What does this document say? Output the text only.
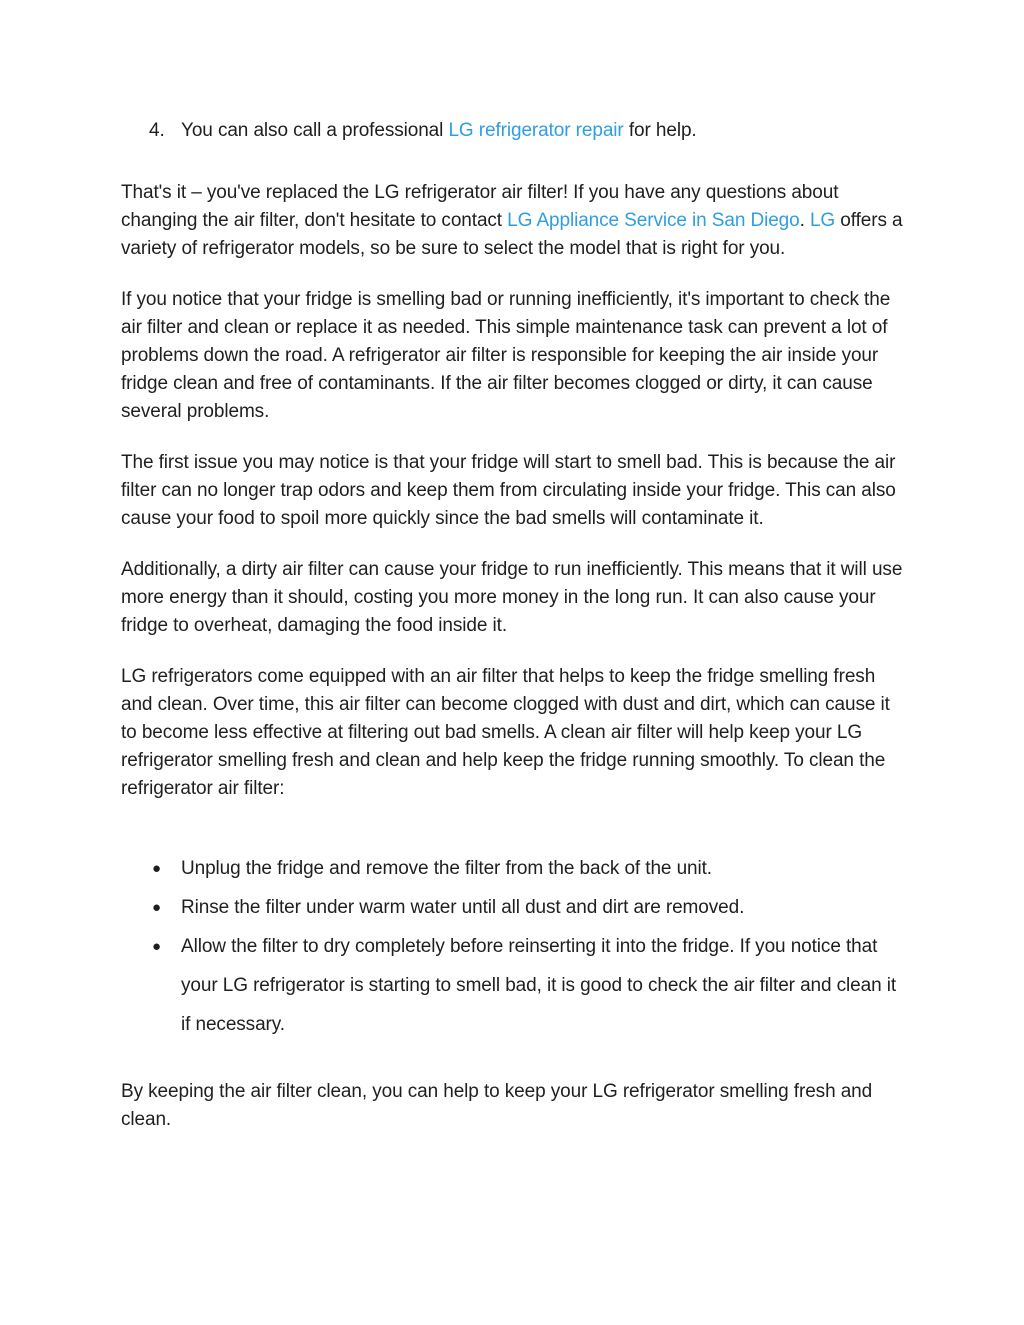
4. You can also call a professional LG refrigerator repair for help.

That's it – you've replaced the LG refrigerator air filter! If you have any questions about changing the air filter, don't hesitate to contact LG Appliance Service in San Diego. LG offers a variety of refrigerator models, so be sure to select the model that is right for you.

If you notice that your fridge is smelling bad or running inefficiently, it's important to check the air filter and clean or replace it as needed. This simple maintenance task can prevent a lot of problems down the road. A refrigerator air filter is responsible for keeping the air inside your fridge clean and free of contaminants. If the air filter becomes clogged or dirty, it can cause several problems.

The first issue you may notice is that your fridge will start to smell bad. This is because the air filter can no longer trap odors and keep them from circulating inside your fridge. This can also cause your food to spoil more quickly since the bad smells will contaminate it.

Additionally, a dirty air filter can cause your fridge to run inefficiently. This means that it will use more energy than it should, costing you more money in the long run. It can also cause your fridge to overheat, damaging the food inside it.

LG refrigerators come equipped with an air filter that helps to keep the fridge smelling fresh and clean. Over time, this air filter can become clogged with dust and dirt, which can cause it to become less effective at filtering out bad smells. A clean air filter will help keep your LG refrigerator smelling fresh and clean and help keep the fridge running smoothly. To clean the refrigerator air filter:

● Unplug the fridge and remove the filter from the back of the unit.
● Rinse the filter under warm water until all dust and dirt are removed.
● Allow the filter to dry completely before reinserting it into the fridge. If you notice that your LG refrigerator is starting to smell bad, it is good to check the air filter and clean it if necessary.

By keeping the air filter clean, you can help to keep your LG refrigerator smelling fresh and clean.
